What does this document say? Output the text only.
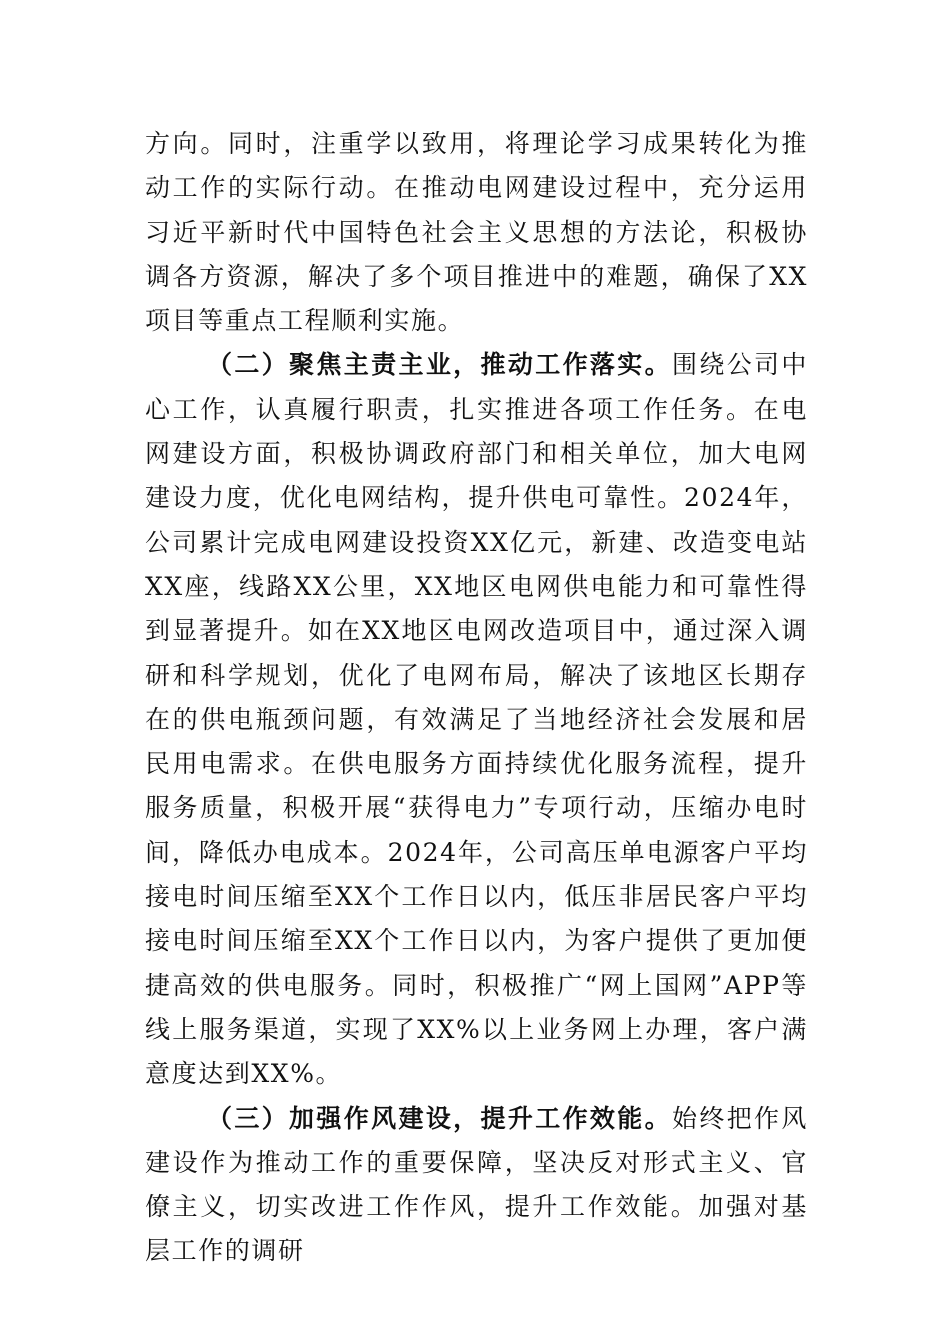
方向。同时，注重学以致用，将理论学习成果转化为推动工作的实际行动。在推动电网建设过程中，充分运用习近平新时代中国特色社会主义思想的方法论，积极协调各方资源，解决了多个项目推进中的难题，确保了XX项目等重点工程顺利实施。

（二）聚焦主责主业，推动工作落实。围绕公司中心工作，认真履行职责，扎实推进各项工作任务。在电网建设方面，积极协调政府部门和相关单位，加大电网建设力度，优化电网结构，提升供电可靠性。2024年，公司累计完成电网建设投资XX亿元，新建、改造变电站XX座，线路XX公里，XX地区电网供电能力和可靠性得到显著提升。如在XX地区电网改造项目中，通过深入调研和科学规划，优化了电网布局，解决了该地区长期存在的供电瓶颈问题，有效满足了当地经济社会发展和居民用电需求。在供电服务方面持续优化服务流程，提升服务质量，积极开展“获得电力”专项行动，压缩办电时间，降低办电成本。2024年，公司高压单电源客户平均接电时间压缩至XX个工作日以内，低压非居民客户平均接电时间压缩至XX个工作日以内，为客户提供了更加便捷高效的供电服务。同时，积极推广“网上国网”APP等线上服务渠道，实现了XX%以上业务网上办理，客户满意度达到XX%。

（三）加强作风建设，提升工作效能。始终把作风建设作为推动工作的重要保障，坚决反对形式主义、官僚主义，切实改进工作作风，提升工作效能。加强对基层工作的调研
